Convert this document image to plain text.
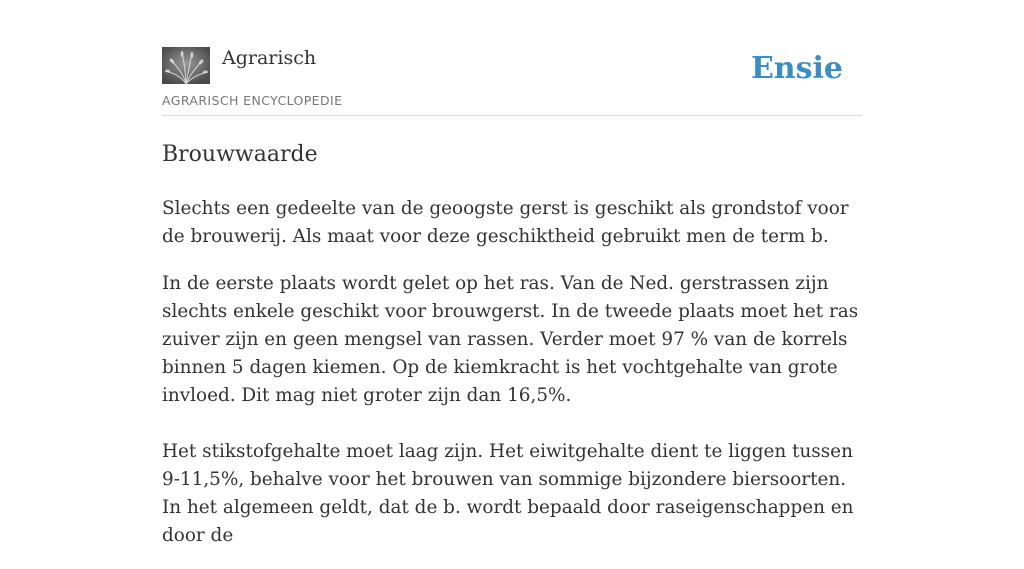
Agrarisch
AGRARISCH ENCYCLOPEDIE
Ensie
Brouwwaarde

Slechts een gedeelte van de geoogste gerst is geschikt als grondstof voor de brouwerij. Als maat voor deze geschiktheid gebruikt men de term b.

In de eerste plaats wordt gelet op het ras. Van de Ned. gerstrassen zijn slechts enkele geschikt voor brouwgerst. In de tweede plaats moet het ras zuiver zijn en geen mengsel van rassen. Verder moet 97 % van de korrels binnen 5 dagen kiemen. Op de kiemkracht is het vochtgehalte van grote invloed. Dit mag niet groter zijn dan 16,5%.

Het stikstofgehalte moet laag zijn. Het eiwitgehalte dient te liggen tussen 9-11,5%, behalve voor het brouwen van sommige bijzondere biersoorten. In het algemeen geldt, dat de b. wordt bepaald door raseigenschappen en door de
